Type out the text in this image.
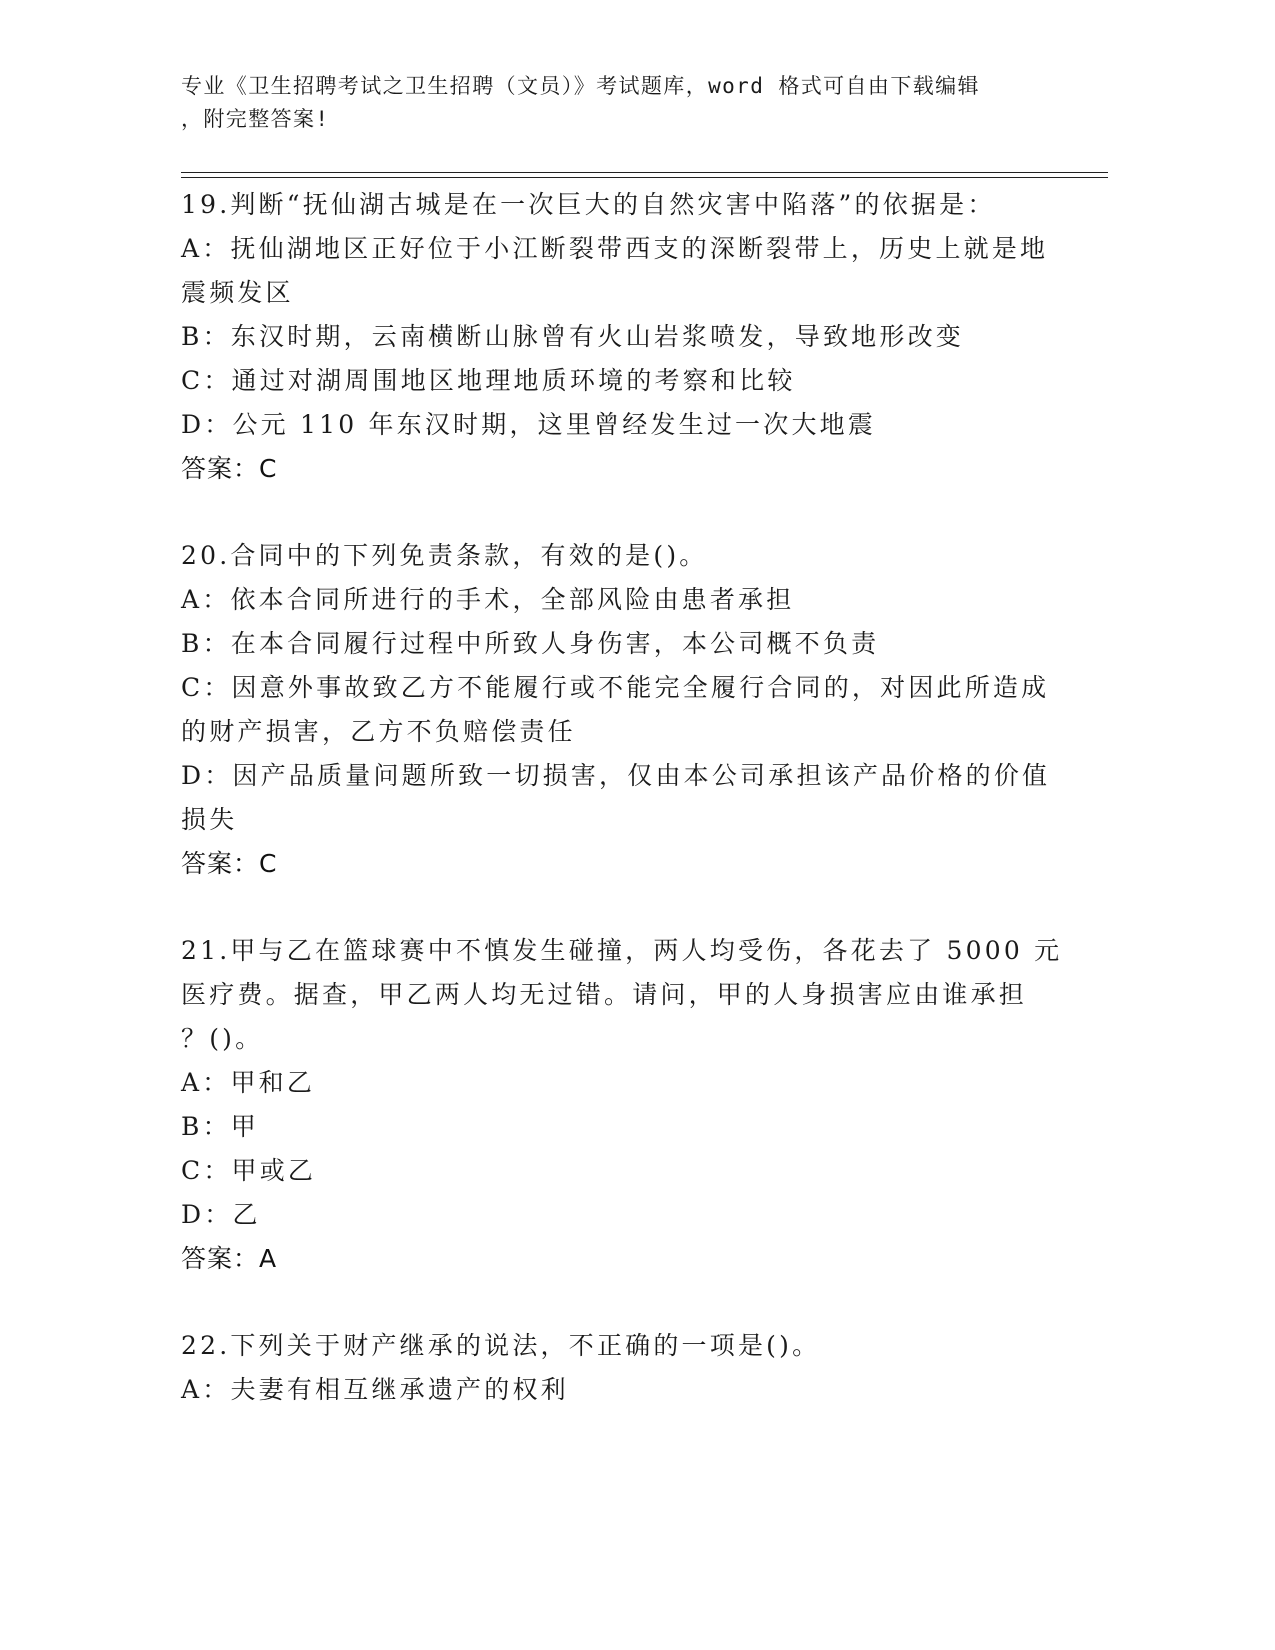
专业《卫生招聘考试之卫生招聘（文员）》考试题库，word 格式可自由下载编辑
，附完整答案!
19.判断“抚仙湖古城是在一次巨大的自然灾害中陷落”的依据是：
A：抚仙湖地区正好位于小江断裂带西支的深断裂带上，历史上就是地
震频发区
B：东汉时期，云南横断山脉曾有火山岩浆喷发，导致地形改变
C：通过对湖周围地区地理地质环境的考察和比较
D：公元 110 年东汉时期，这里曾经发生过一次大地震
答案：C
20.合同中的下列免责条款，有效的是()。
A：依本合同所进行的手术，全部风险由患者承担
B：在本合同履行过程中所致人身伤害，本公司概不负责
C：因意外事故致乙方不能履行或不能完全履行合同的，对因此所造成
的财产损害，乙方不负赔偿责任
D：因产品质量问题所致一切损害，仅由本公司承担该产品价格的价值
损失
答案：C
21.甲与乙在篮球赛中不慎发生碰撞，两人均受伤，各花去了 5000 元
医疗费。据查，甲乙两人均无过错。请问，甲的人身损害应由谁承担
？()。
A：甲和乙
B：甲
C：甲或乙
D：乙
答案：A
22.下列关于财产继承的说法，不正确的一项是()。
A：夫妻有相互继承遗产的权利
